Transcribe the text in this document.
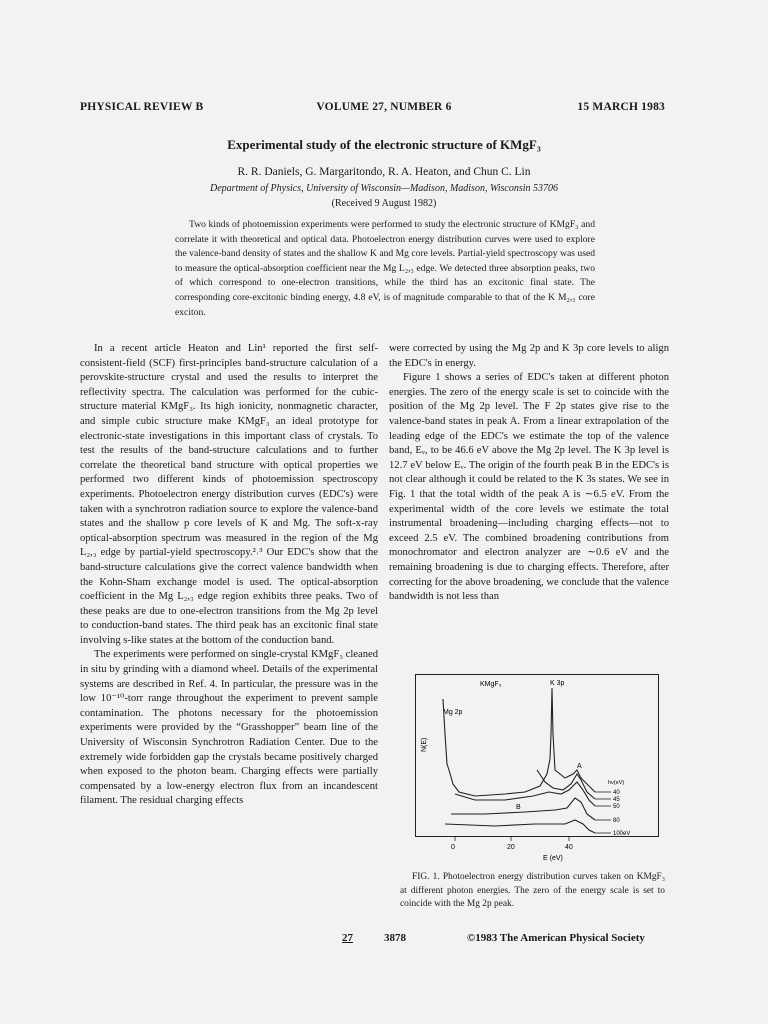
PHYSICAL REVIEW B	VOLUME 27, NUMBER 6	15 MARCH 1983
Experimental study of the electronic structure of KMgF₃
R. R. Daniels, G. Margaritondo, R. A. Heaton, and Chun C. Lin
Department of Physics, University of Wisconsin—Madison, Madison, Wisconsin 53706
(Received 9 August 1982)

Two kinds of photoemission experiments were performed to study the electronic structure of KMgF₃ and correlate it with theoretical and optical data. Photoelectron energy distribution curves were used to explore the valence-band density of states and the shallow K and Mg core levels. Partial-yield spectroscopy was used to measure the optical-absorption coefficient near the Mg L₂,₃ edge. We detected three absorption peaks, two of which correspond to one-electron transitions, while the third has an excitonic final state. The corresponding core-excitonic binding energy, 4.8 eV, is of magnitude comparable to that of the K M₂,₃ core exciton.

In a recent article Heaton and Lin¹ reported the first self-consistent-field (SCF) first-principles band-structure calculation of a perovskite-structure crystal and used the results to interpret the reflectivity spectra. The calculation was performed for the cubic-structure material KMgF₃. Its high ionicity, nonmagnetic character, and simple cubic structure make KMgF₃ an ideal prototype for electronic-state investigations in this important class of crystals. To test the results of the band-structure calculations and to further correlate the theoretical band structure with optical properties we performed two different kinds of photoemission spectroscopy experiments. Photoelectron energy distribution curves (EDC's) were taken with a synchrotron radiation source to explore the valence-band states and the shallow p core levels of K and Mg. The soft-x-ray optical-absorption spectrum was measured in the region of the Mg L₂,₃ edge by partial-yield spectroscopy.²˒³ Our EDC's show that the band-structure calculations give the correct valence bandwidth when the Kohn-Sham exchange model is used. The optical-absorption coefficient in the Mg L₂,₃ edge region exhibits three peaks. Two of these peaks are due to one-electron transitions from the Mg 2p level to conduction-band states. The third peak has an excitonic final state involving s-like states at the bottom of the conduction band.

The experiments were performed on single-crystal KMgF₃ cleaned in situ by grinding with a diamond wheel. Details of the experimental systems are described in Ref. 4. In particular, the pressure was in the low 10⁻¹⁰-torr range throughout the experiment to prevent sample contamination. The photons necessary for the photoemission experiments were provided by the “Grasshopper” beam line of the University of Wisconsin Synchrotron Radiation Center. Due to the extremely wide forbidden gap the crystals became positively charged when exposed to the photon beam. Charging effects were partially compensated by a low-energy electron flux from an incandescent filament. The residual charging effects

were corrected by using the Mg 2p and K 3p core levels to align the EDC's in energy.

Figure 1 shows a series of EDC's taken at different photon energies. The zero of the energy scale is set to coincide with the position of the Mg 2p level. The F 2p states give rise to the valence-band states in peak A. From a linear extrapolation of the leading edge of the EDC's we estimate the top of the valence band, Eᵥ, to be 46.6 eV above the Mg 2p level. The K 3p level is 12.7 eV below Eᵥ. The origin of the fourth peak B in the EDC's is not clear although it could be related to the K 3s states. We see in Fig. 1 that the total width of the peak A is ∼6.5 eV. From the experimental width of the core levels we estimate the total instrumental broadening—including charging effects—not to exceed 2.5 eV. The combined broadening contributions from monochromator and electron analyzer are ∼0.6 eV and the remaining broadening is due to charging effects. Therefore, after correcting for the above broadening, we conclude that the valence bandwidth is not less than

KMgF₃	K 3p
Mg 2p
N(E)
A
B
hν(eV)
40
45
50
80
100eV
0	20	40
E (eV)
FIG. 1. Photoelectron energy distribution curves taken on KMgF₃ at different photon energies. The zero of the energy scale is set to coincide with the Mg 2p peak.
27	3878	©1983 The American Physical Society
